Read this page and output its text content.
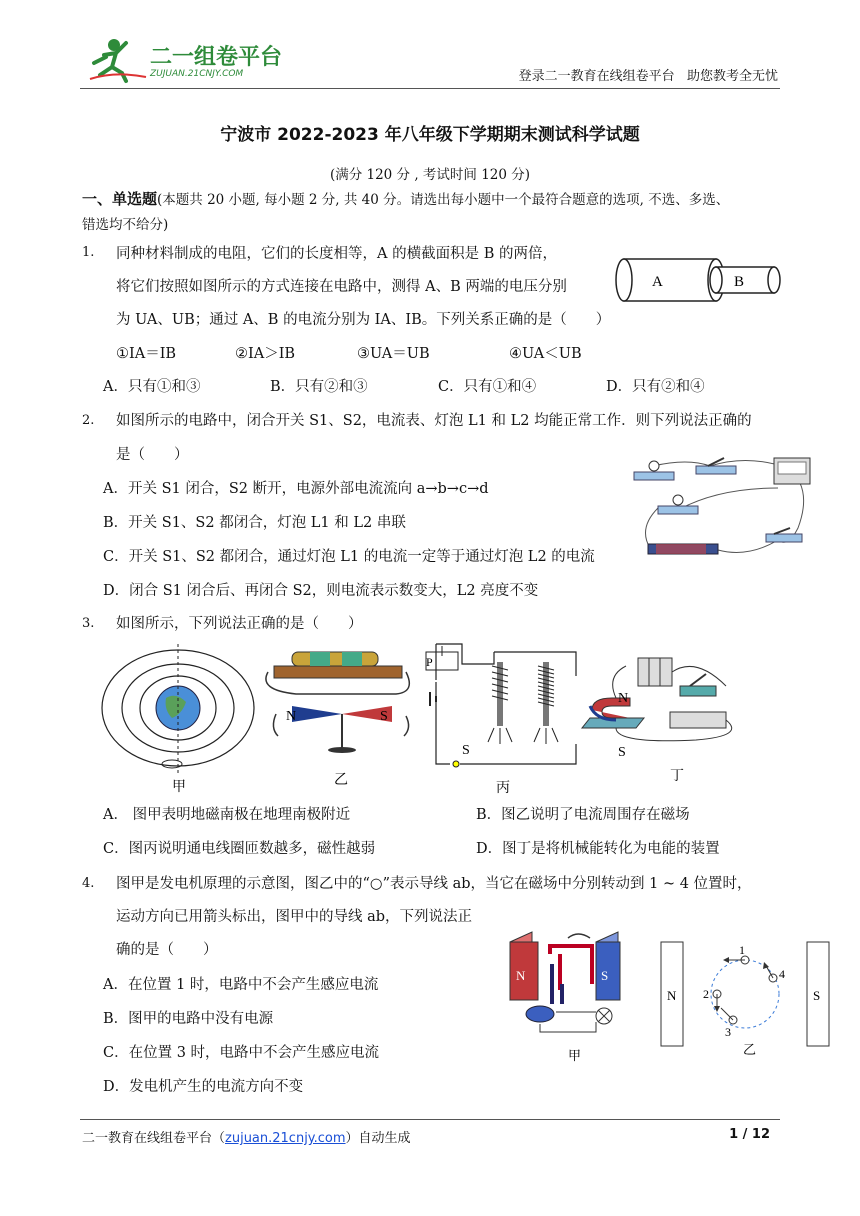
二一组卷平台
ZUJUAN.21CNJY.COM	登录二一教育在线组卷平台   助您教考全无忧
宁波市 2022-2023 年八年级下学期期末测试科学试题
(满分 120 分 , 考试时间 120 分)
一、单选题(本题共 20 小题, 每小题 2 分, 共 40 分。请选出每小题中一个最符合题意的选项, 不选、多选、
错选均不给分)
1. 同种材料制成的电阻，它们的长度相等，A 的横截面积是 B 的两倍，
将它们按照如图所示的方式连接在电路中，测得 A、B 两端的电压分别
为 UA、UB；通过 A、B 的电流分别为 IA、IB。下列关系正确的是（　　）
A	B
①IA＝IB	②IA＞IB	③UA＝UB	④UA＜UB
A．只有①和③	B．只有②和③	C．只有①和④	D．只有②和④
2. 如图所示的电路中，闭合开关 S1、S2，电流表、灯泡 L1 和 L2 均能正常工作．则下列说法正确的
是（　　）
A．开关 S1 闭合，S2 断开，电源外部电流流向 a→b→c→d
B．开关 S1、S2 都闭合，灯泡 L1 和 L2 串联
C．开关 S1、S2 都闭合，通过灯泡 L1 的电流一定等于通过灯泡 L2 的电流
D．闭合 S1 闭合后、再闭合 S2，则电流表示数变大，L2 亮度不变
3. 如图所示，下列说法正确的是（　　）
甲
N	S
乙
P
S
丙
N
S
丁
A． 图甲表明地磁南极在地理南极附近	B．图乙说明了电流周围存在磁场
C．图丙说明通电线圈匝数越多，磁性越弱	D．图丁是将机械能转化为电能的装置
4. 图甲是发电机原理的示意图，图乙中的“○”表示导线 ab，当它在磁场中分别转动到 1 ~ 4 位置时，
运动方向已用箭头标出，图甲中的导线 ab，下列说法正
确的是（　　）
A．在位置 1 时，电路中不会产生感应电流
B．图甲的电路中没有电源
C．在位置 3 时，电路中不会产生感应电流
D．发电机产生的电流方向不变
N	S
甲
N	S
1
2
3
4
乙
二一教育在线组卷平台（zujuan.21cnjy.com）自动生成	1 / 12
